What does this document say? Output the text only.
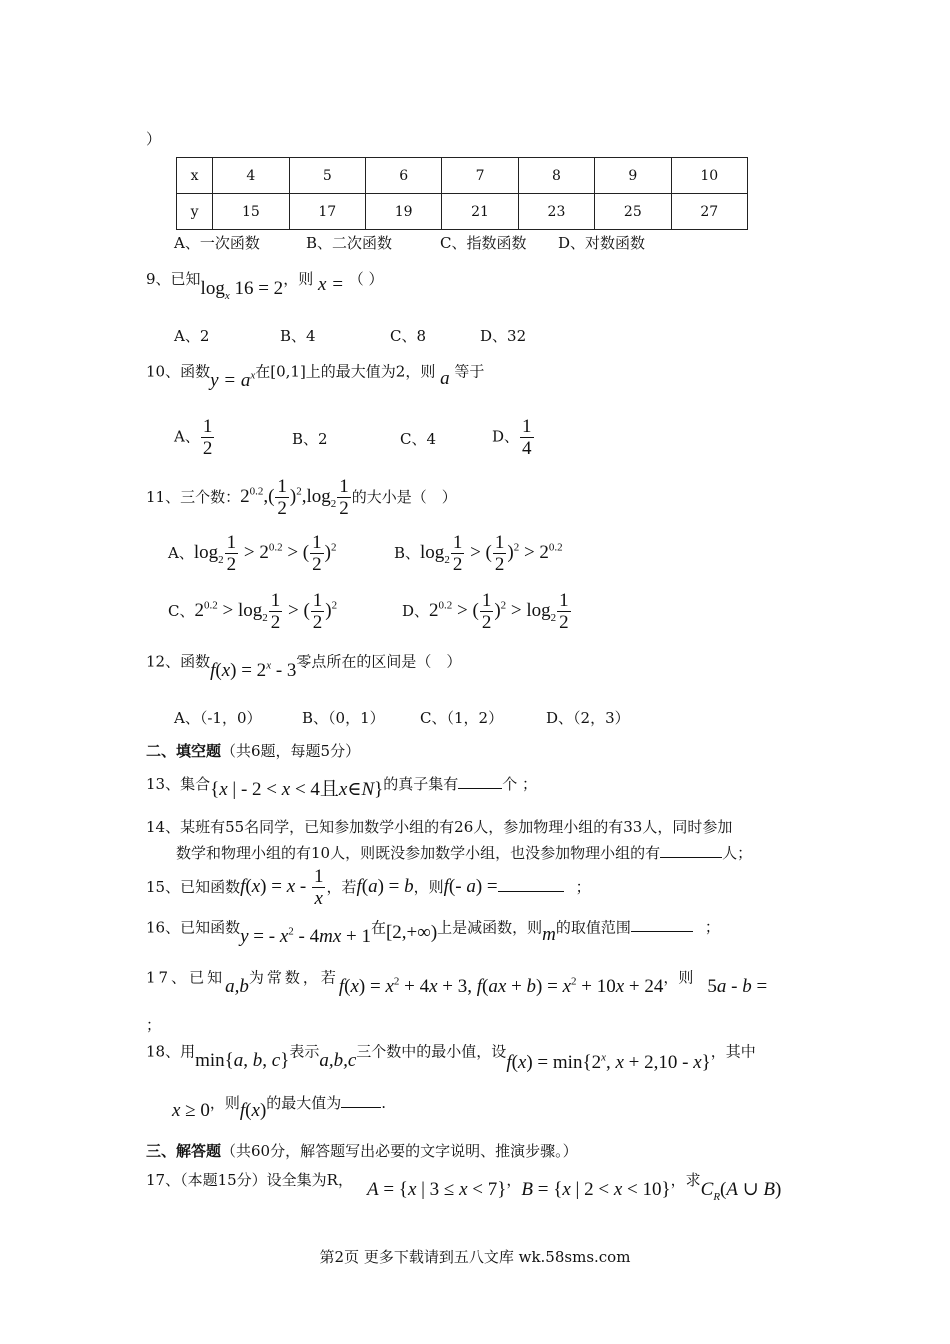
）
x	4	5	6	7	8	9	10
y	15	17	19	21	23	25	27
A、一次函数	B、二次函数	C、指数函数 D、对数函数
9、已知$\log_x 16 = 2$，则 x = （ ）
A、2	B、4	C、8	D、32
10、函数$y = a^x$在[0,1]上的最大值为2，则 a 等于
A、 $\frac{1}{2}$	B、2	C、4	D、 $\frac{1}{4}$
11、三个数：$2^{0.2},( \frac{1}{2} )^2,\log_2 \frac{1}{2}$ 的大小是（　）
A、$\log_2 \frac{1}{2} > 2^{0.2}$ > ( $\frac{1}{2} )^2$	B、$\log_2 \frac{1}{2}$ > ( $\frac{1}{2} )^2 > 2^{0.2}$
C、$2^{0.2} > \log_2 \frac{1}{2}$ > ( $\frac{1}{2} )^2$	D、$2^{0.2}$ > ( $\frac{1}{2} )^2 > \log_2 \frac{1}{2}$
12、函数$f(x) = 2^x - 3$零点所在的区间是（　）
A、（-1，0）	B、（0，1） C、（1，2）	D、（2，3）
二、填空题（共6题，每题5分）
13、集合{x | - 2 < x < 4且x∈N}的真子集有	个 ；
14、某班有55名同学，已知参加数学小组的有26人，参加物理小组的有33人，同时参加
数学和物理小组的有10人，则既没参加数学小组，也没参加物理小组的有	人；
15、已知函数$f(x) = x - \frac{1}{x}$ ，若f(a) = b，则f(- a) =	；
16、已知函数y = - $x^2 - 4mx + 1$在[2,+∞)上是减函数，则m的取值范围	；
17、已知a,b为常数，若$f(x) = x^2 + 4x + 3$, $f(ax + b) = x^2 + 10x + 24$，则 5a - b =
；
18、用min{a, b, c}表示a,b,c三个数中的最小值，设$f(x) = \min\{2^x$, x + 2,10 - x}，其中
x ≥ 0，则f(x)的最大值为	.
三、解答题（共60分，解答题写出必要的文字说明、推演步骤。）
17、（本题15分）设全集为R， A = {x | 3 ≤ x < 7}，B = {x | 2 < x < 10}，求$C_R(A$ ∪ B)
第2页 更多下载请到五八文库 wk.58sms.com
